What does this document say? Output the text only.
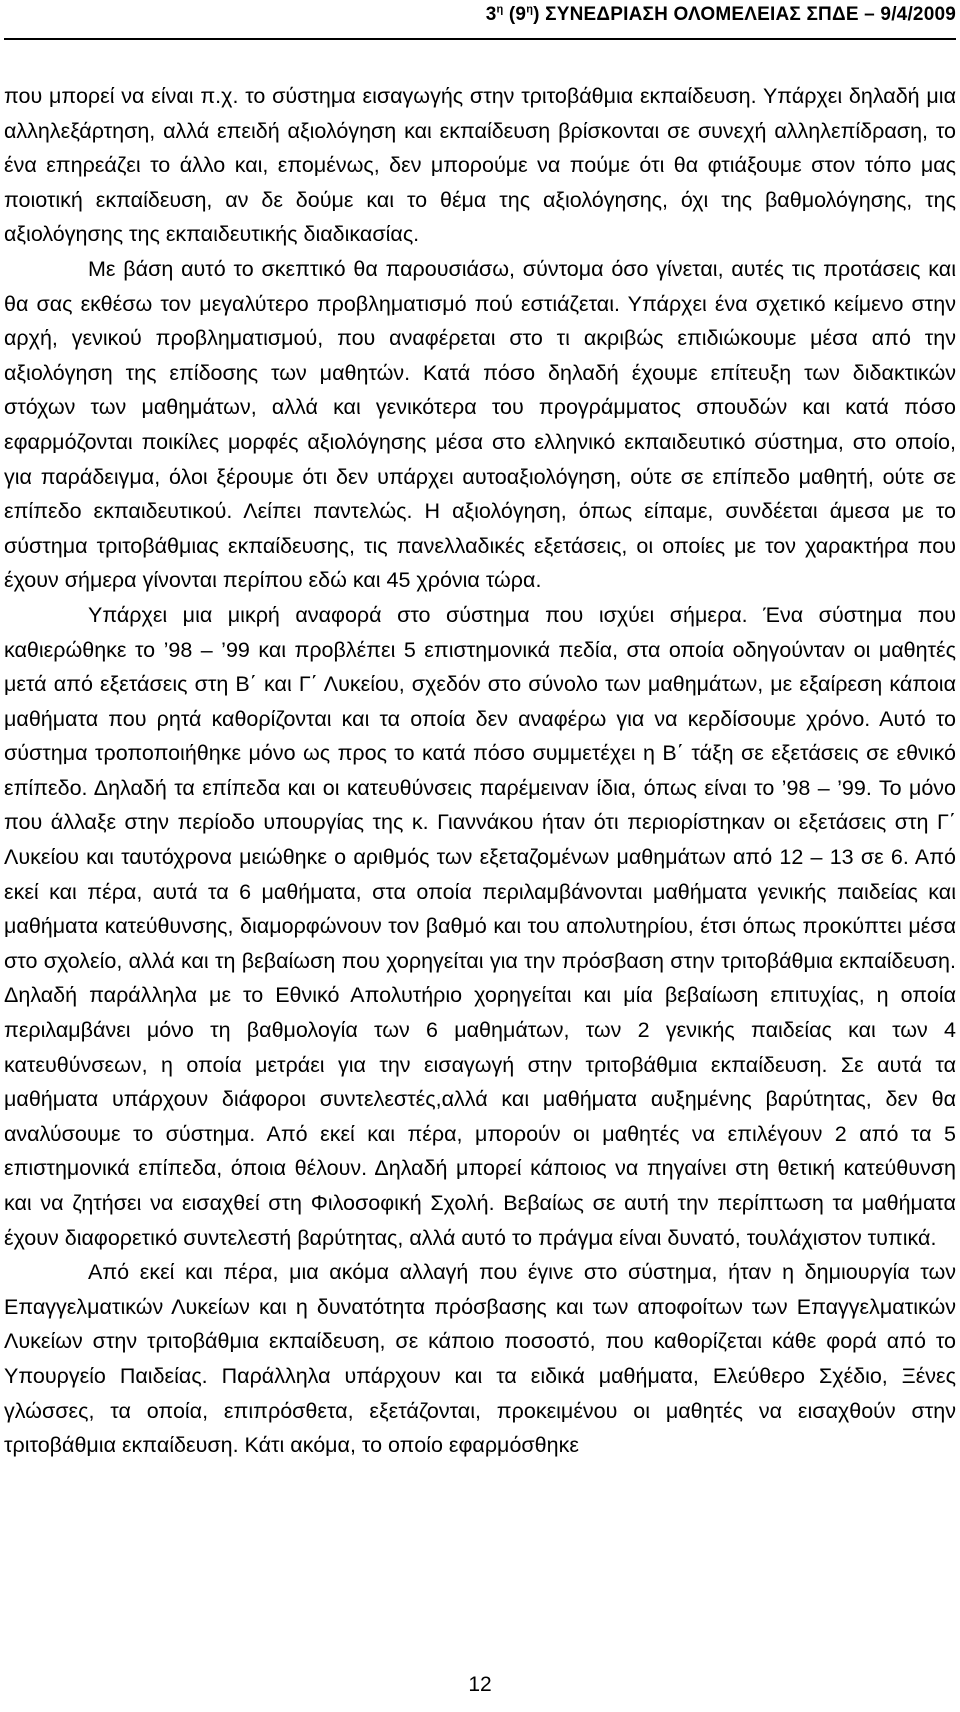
$3^\eta$ $(9^\eta)$ ΣΥΝΕΔΡΙΑΣΗ ΟΛΟΜΕΛΕΙΑΣ ΣΠΔΕ – 9/4/2009

που μπορεί να είναι π.χ. το σύστημα εισαγωγής στην τριτοβάθμια εκπαίδευση. Υπάρχει δηλαδή μια αλληλεξάρτηση, αλλά επειδή αξιολόγηση και εκπαίδευση βρίσκονται σε συνεχή αλληλεπίδραση, το ένα επηρεάζει το άλλο και, επομένως, δεν μπορούμε να πούμε ότι θα φτιάξουμε στον τόπο μας ποιοτική εκπαίδευση, αν δε δούμε και το θέμα της αξιολόγησης, όχι της βαθμολόγησης, της αξιολόγησης της εκπαιδευτικής διαδικασίας.

Με βάση αυτό το σκεπτικό θα παρουσιάσω, σύντομα όσο γίνεται, αυτές τις προτάσεις και θα σας εκθέσω τον μεγαλύτερο προβληματισμό πού εστιάζεται. Υπάρχει ένα σχετικό κείμενο στην αρχή, γενικού προβληματισμού, που αναφέρεται στο τι ακριβώς επιδιώκουμε μέσα από την αξιολόγηση της επίδοσης των μαθητών. Κατά πόσο δηλαδή έχουμε επίτευξη των διδακτικών στόχων των μαθημάτων, αλλά και γενικότερα του προγράμματος σπουδών και κατά πόσο εφαρμόζονται ποικίλες μορφές αξιολόγησης μέσα στο ελληνικό εκπαιδευτικό σύστημα, στο οποίο, για παράδειγμα, όλοι ξέρουμε ότι δεν υπάρχει αυτοαξιολόγηση, ούτε σε επίπεδο μαθητή, ούτε σε επίπεδο εκπαιδευτικού. Λείπει παντελώς. Η αξιολόγηση, όπως είπαμε, συνδέεται άμεσα με το σύστημα τριτοβάθμιας εκπαίδευσης, τις πανελλαδικές εξετάσεις, οι οποίες με τον χαρακτήρα που έχουν σήμερα γίνονται περίπου εδώ και 45 χρόνια τώρα.

Υπάρχει μια μικρή αναφορά στο σύστημα που ισχύει σήμερα. Ένα σύστημα που καθιερώθηκε το ’98 – ’99 και προβλέπει 5 επιστημονικά πεδία, στα οποία οδηγούνταν οι μαθητές μετά από εξετάσεις στη Β΄ και Γ΄ Λυκείου, σχεδόν στο σύνολο των μαθημάτων, με εξαίρεση κάποια μαθήματα που ρητά καθορίζονται και τα οποία δεν αναφέρω για να κερδίσουμε χρόνο. Αυτό το σύστημα τροποποιήθηκε μόνο ως προς το κατά πόσο συμμετέχει η Β΄ τάξη σε εξετάσεις σε εθνικό επίπεδο. Δηλαδή τα επίπεδα και οι κατευθύνσεις παρέμειναν ίδια, όπως είναι το ’98 – ’99. Το μόνο που άλλαξε στην περίοδο υπουργίας της κ. Γιαννάκου ήταν ότι περιορίστηκαν οι εξετάσεις στη Γ΄ Λυκείου και ταυτόχρονα μειώθηκε ο αριθμός των εξεταζομένων μαθημάτων από 12 – 13 σε 6. Από εκεί και πέρα, αυτά τα 6 μαθήματα, στα οποία περιλαμβάνονται μαθήματα γενικής παιδείας και μαθήματα κατεύθυνσης, διαμορφώνουν τον βαθμό και του απολυτηρίου, έτσι όπως προκύπτει μέσα στο σχολείο, αλλά και τη βεβαίωση που χορηγείται για την πρόσβαση στην τριτοβάθμια εκπαίδευση. Δηλαδή παράλληλα με το Εθνικό Απολυτήριο χορηγείται και μία βεβαίωση επιτυχίας, η οποία περιλαμβάνει μόνο τη βαθμολογία των 6 μαθημάτων, των 2 γενικής παιδείας και των 4 κατευθύνσεων, η οποία μετράει για την εισαγωγή στην τριτοβάθμια εκπαίδευση. Σε αυτά τα μαθήματα υπάρχουν διάφοροι συντελεστές,αλλά και μαθήματα αυξημένης βαρύτητας, δεν θα αναλύσουμε το σύστημα. Από εκεί και πέρα, μπορούν οι μαθητές να επιλέγουν 2 από τα 5 επιστημονικά επίπεδα, όποια θέλουν. Δηλαδή μπορεί κάποιος να πηγαίνει στη θετική κατεύθυνση και να ζητήσει να εισαχθεί στη Φιλοσοφική Σχολή. Βεβαίως σε αυτή την περίπτωση τα μαθήματα έχουν διαφορετικό συντελεστή βαρύτητας, αλλά αυτό το πράγμα είναι δυνατό, τουλάχιστον τυπικά.

Από εκεί και πέρα, μια ακόμα αλλαγή που έγινε στο σύστημα, ήταν η δημιουργία των Επαγγελματικών Λυκείων και η δυνατότητα πρόσβασης και των αποφοίτων των Επαγγελματικών Λυκείων στην τριτοβάθμια εκπαίδευση, σε κάποιο ποσοστό, που καθορίζεται κάθε φορά από το Υπουργείο Παιδείας. Παράλληλα υπάρχουν και τα ειδικά μαθήματα, Ελεύθερο Σχέδιο, Ξένες γλώσσες, τα οποία, επιπρόσθετα, εξετάζονται, προκειμένου οι μαθητές να εισαχθούν στην τριτοβάθμια εκπαίδευση. Κάτι ακόμα, το οποίο εφαρμόσθηκε

12
